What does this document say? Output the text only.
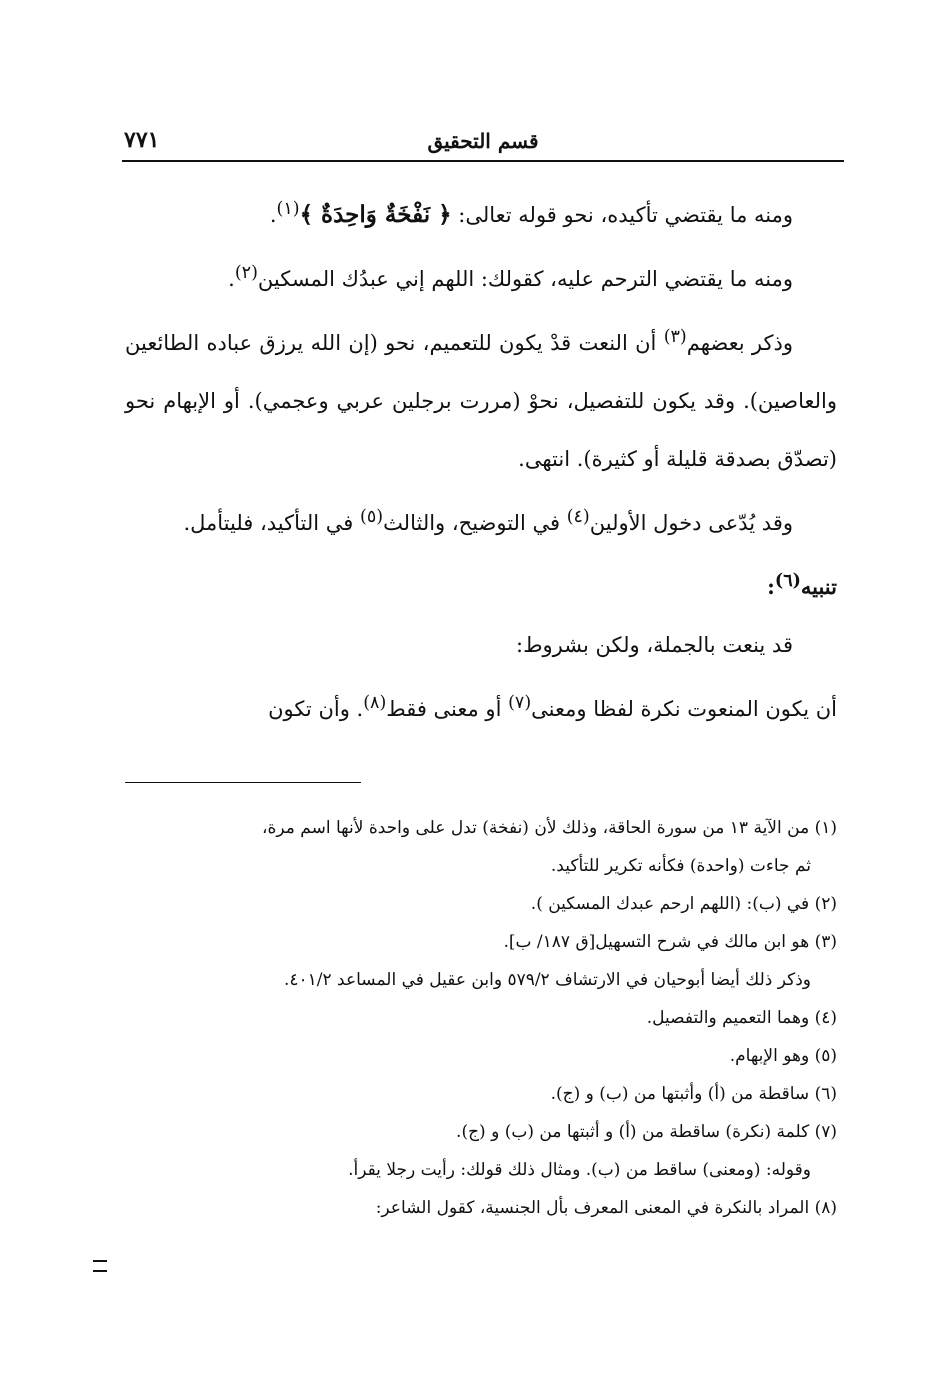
قسم التحقيق
٧٧١

ومنه ما يقتضي تأكيده، نحو قوله تعالى: ﴿ نَفْخَةٌ وَاحِدَةٌ ﴾$^{(١)}$.

ومنه ما يقتضي الترحم عليه، كقولك: اللهم إني عبدُك المسكين$^{(٢)}$.

وذكر بعضهم$^{(٣)}$ أن النعت قدْ يكون للتعميم، نحو (إن الله يرزق عباده الطائعين والعاصين). وقد يكون للتفصيل، نحوْ (مررت برجلين عربي وعجمي). أو الإبهام نحو (تصدّق بصدقة قليلة أو كثيرة). انتهى.

وقد يُدّعى دخول الأولين$^{(٤)}$ في التوضيح، والثالث$^{(٥)}$ في التأكيد، فليتأمل.

تنبيه$^{(٦)}$:

قد ينعت بالجملة، ولكن بشروط:

أن يكون المنعوت نكرة لفظا ومعنى$^{(٧)}$ أو معنى فقط$^{(٨)}$. وأن تكون

(١) من الآية ١٣ من سورة الحاقة، وذلك لأن (نفخة) تدل على واحدة لأنها اسم مرة،

ثم جاءت (واحدة) فكأنه تكرير للتأكيد.

(٢) في (ب): (اللهم ارحم عبدك المسكين ).

(٣) هو ابن مالك في شرح التسهيل[ق ١٨٧/ ب].

وذكر ذلك أيضا أبوحيان في الارتشاف ٥٧٩/٢ وابن عقيل في المساعد ٤٠١/٢.

(٤) وهما التعميم والتفصيل.

(٥) وهو الإبهام.

(٦) ساقطة من (أ) وأثبتها من (ب) و (ج).

(٧) كلمة (نكرة) ساقطة من (أ) و أثبتها من (ب) و (ج).

وقوله: (ومعنى) ساقط من (ب). ومثال ذلك قولك: رأيت رجلا يقرأ.

(٨) المراد بالنكرة في المعنى المعرف بأل الجنسية، كقول الشاعر:
